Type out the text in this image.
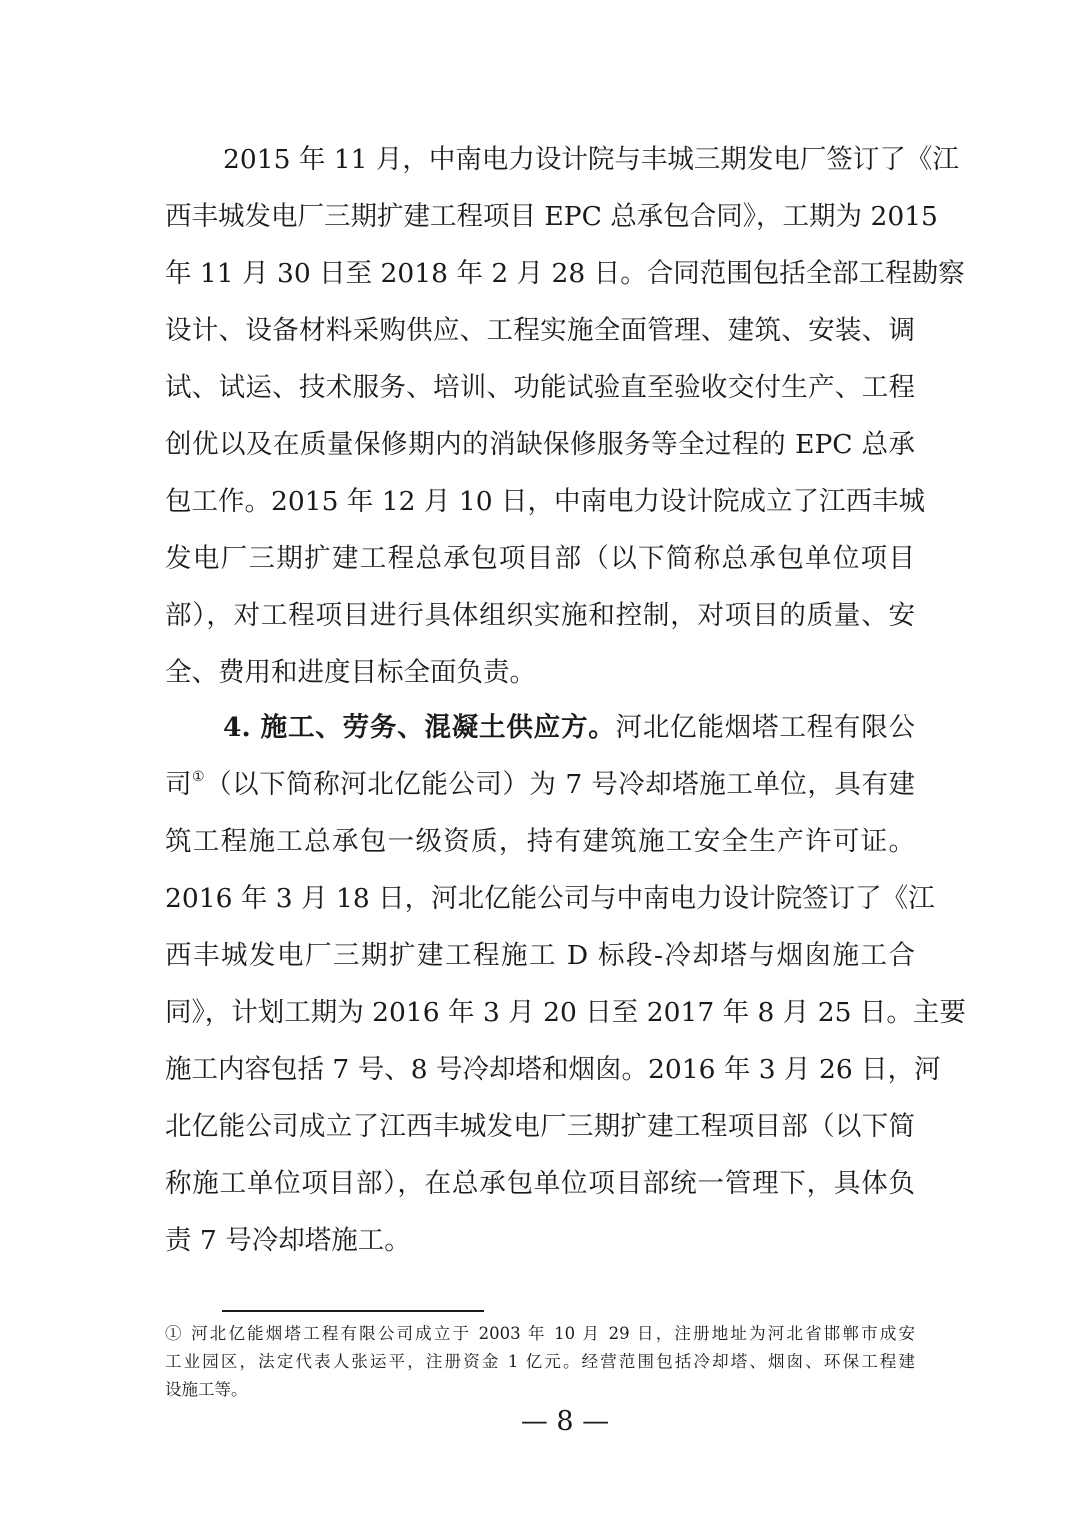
2015 年 11 月，中南电力设计院与丰城三期发电厂签订了《江
西丰城发电厂三期扩建工程项目 EPC 总承包合同》，工期为 2015
年 11 月 30 日至 2018 年 2 月 28 日。合同范围包括全部工程勘察
设计、设备材料采购供应、工程实施全面管理、建筑、安装、调
试、试运、技术服务、培训、功能试验直至验收交付生产、工程
创优以及在质量保修期内的消缺保修服务等全过程的 EPC 总承
包工作。2015 年 12 月 10 日，中南电力设计院成立了江西丰城
发电厂三期扩建工程总承包项目部（以下简称总承包单位项目
部），对工程项目进行具体组织实施和控制，对项目的质量、安
全、费用和进度目标全面负责。
4. 施工、劳务、混凝土供应方。河北亿能烟塔工程有限公
司①（以下简称河北亿能公司）为 7 号冷却塔施工单位，具有建
筑工程施工总承包一级资质，持有建筑施工安全生产许可证。
2016 年 3 月 18 日，河北亿能公司与中南电力设计院签订了《江
西丰城发电厂三期扩建工程施工 D 标段-冷却塔与烟囱施工合
同》，计划工期为 2016 年 3 月 20 日至 2017 年 8 月 25 日。主要
施工内容包括 7 号、8 号冷却塔和烟囱。2016 年 3 月 26 日，河
北亿能公司成立了江西丰城发电厂三期扩建工程项目部（以下简
称施工单位项目部），在总承包单位项目部统一管理下，具体负
责 7 号冷却塔施工。
① 河北亿能烟塔工程有限公司成立于 2003 年 10 月 29 日，注册地址为河北省邯郸市成安
工业园区，法定代表人张运平，注册资金 1 亿元。经营范围包括冷却塔、烟囱、环保工程建
设施工等。
— 8 —
